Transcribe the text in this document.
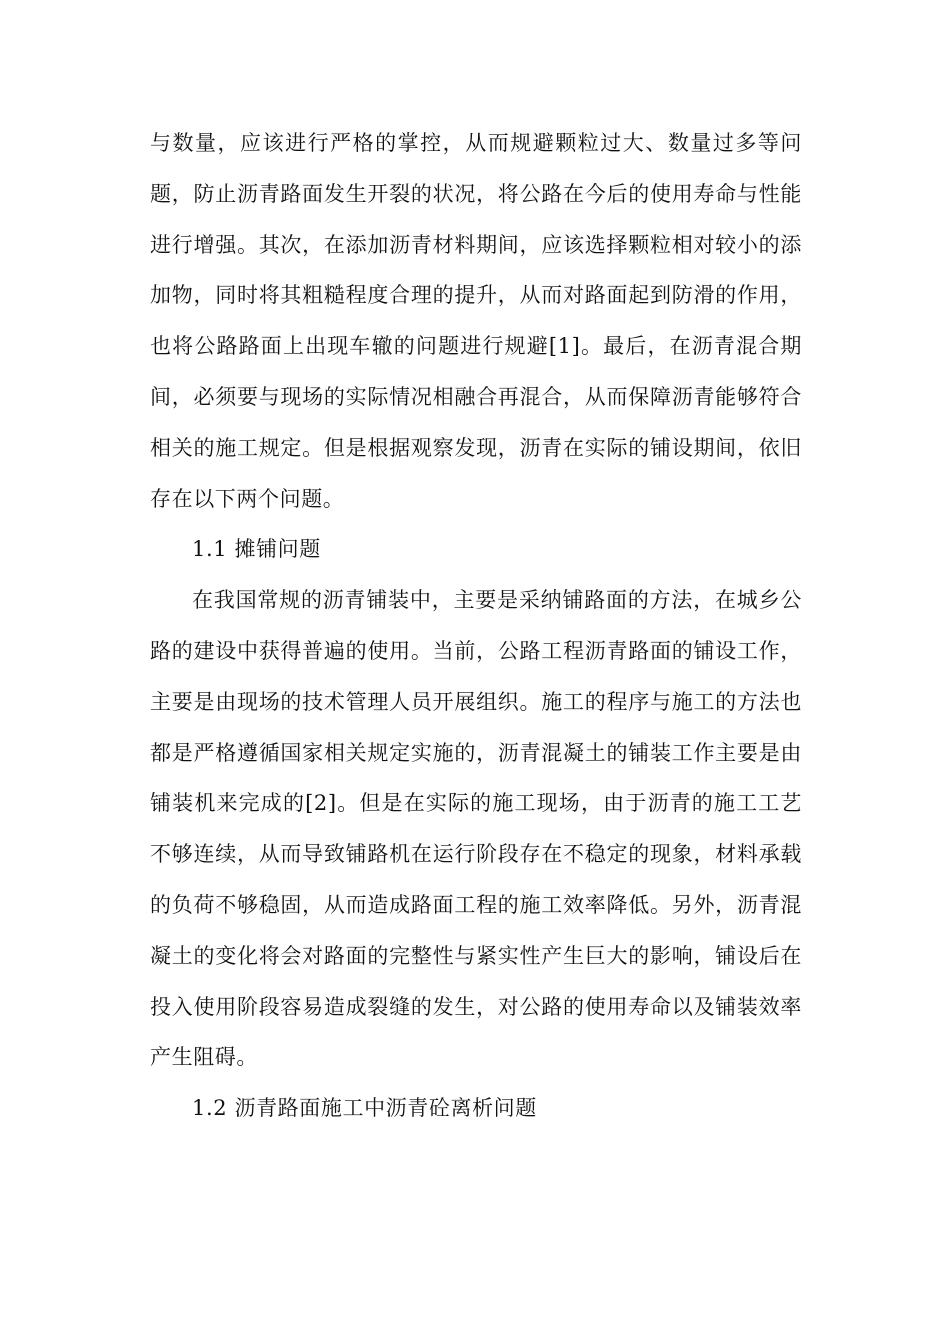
与数量，应该进行严格的掌控，从而规避颗粒过大、数量过多等问题，防止沥青路面发生开裂的状况，将公路在今后的使用寿命与性能进行增强。其次，在添加沥青材料期间，应该选择颗粒相对较小的添加物，同时将其粗糙程度合理的提升，从而对路面起到防滑的作用，也将公路路面上出现车辙的问题进行规避[1]。最后，在沥青混合期间，必须要与现场的实际情况相融合再混合，从而保障沥青能够符合相关的施工规定。但是根据观察发现，沥青在实际的铺设期间，依旧存在以下两个问题。

1.1 摊铺问题

在我国常规的沥青铺装中，主要是采纳铺路面的方法，在城乡公路的建设中获得普遍的使用。当前，公路工程沥青路面的铺设工作，主要是由现场的技术管理人员开展组织。施工的程序与施工的方法也都是严格遵循国家相关规定实施的，沥青混凝土的铺装工作主要是由铺装机来完成的[2]。但是在实际的施工现场，由于沥青的施工工艺不够连续，从而导致铺路机在运行阶段存在不稳定的现象，材料承载的负荷不够稳固，从而造成路面工程的施工效率降低。另外，沥青混凝土的变化将会对路面的完整性与紧实性产生巨大的影响，铺设后在投入使用阶段容易造成裂缝的发生，对公路的使用寿命以及铺装效率产生阻碍。

1.2 沥青路面施工中沥青砼离析问题
